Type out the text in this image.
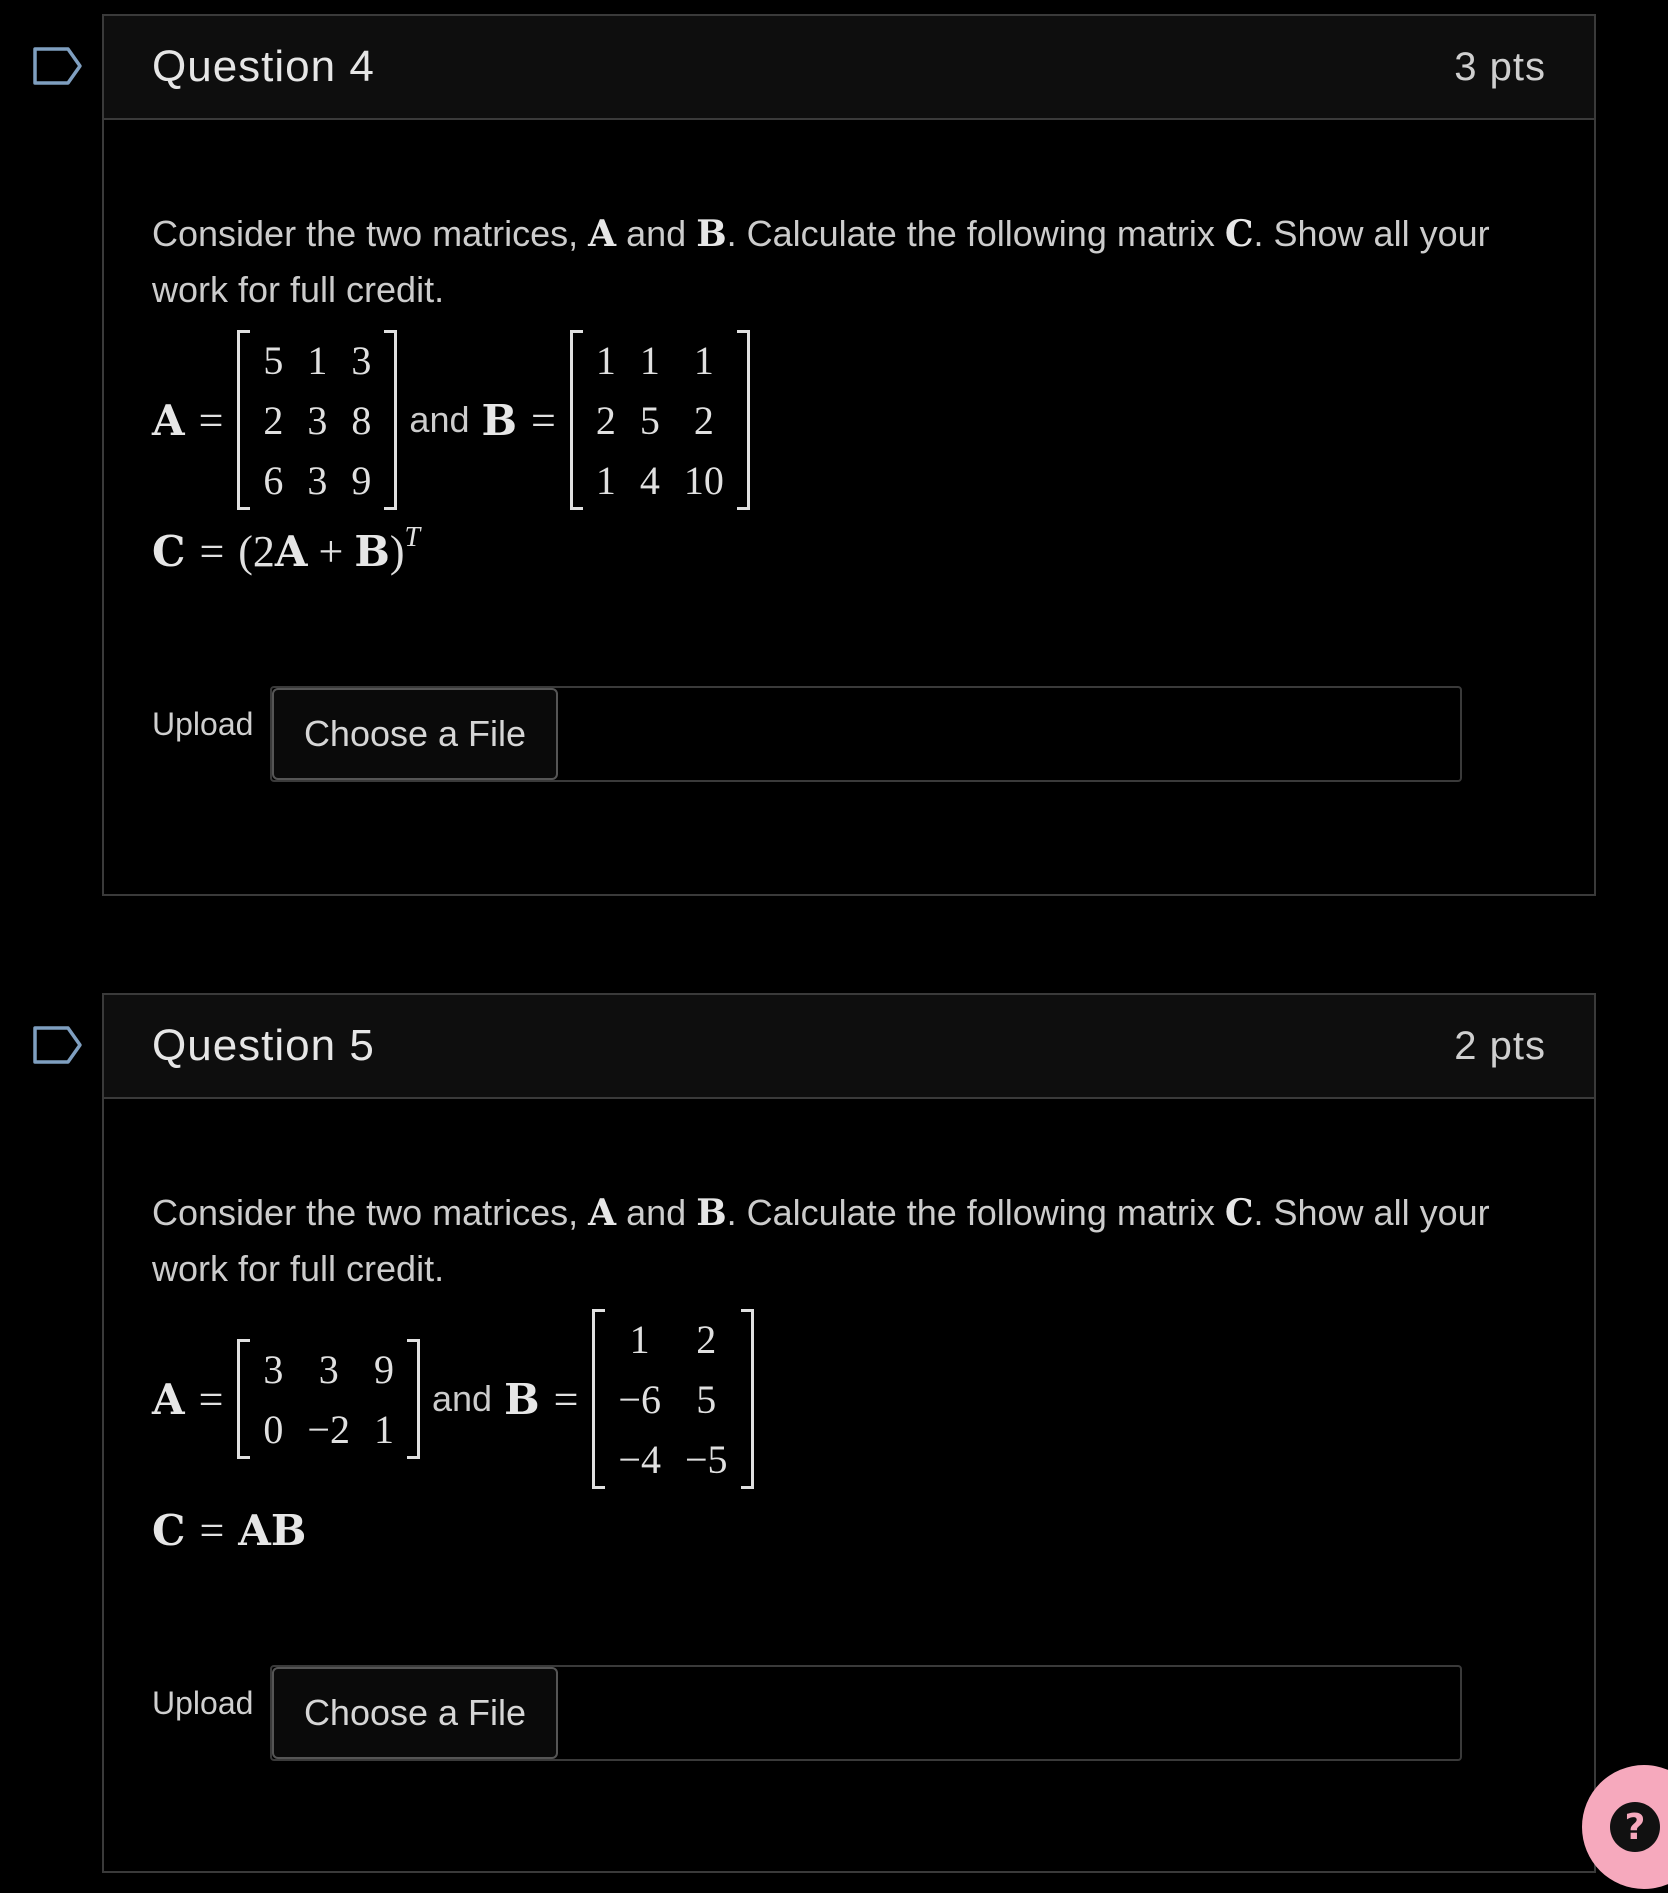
Question 4	3 pts

Consider the two matrices, A and B. Calculate the following matrix C. Show all your work for full credit.

A =
5	1	3
2	3	8
6	3	9
and B =
1	1	1
2	5	2
1	4	10
C = (2 A + B )$^T$
Upload	Choose a File
Question 5	2 pts

Consider the two matrices, A and B. Calculate the following matrix C. Show all your work for full credit.

A =
3	3	9
0	−2	1
and B =
1	2
−6	5
−4	−5
C = AB
Upload	Choose a File
?
